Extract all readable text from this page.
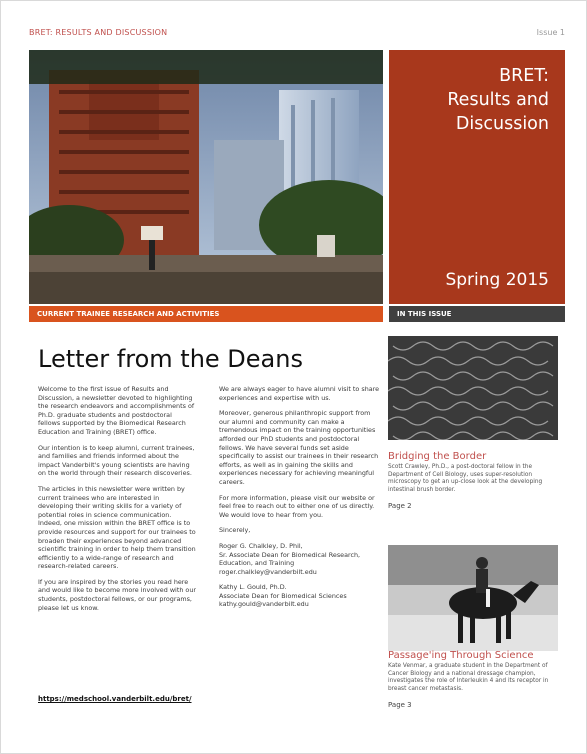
BRET: RESULTS AND DISCUSSION	Issue 1
BRET:
Results and
Discussion
Spring 2015
CURRENT TRAINEE RESEARCH AND ACTIVITIES	IN THIS ISSUE
Letter from the Deans

Welcome to the first issue of Results and Discussion, a newsletter devoted to highlighting the research endeavors and accomplishments of Ph.D. graduate students and postdoctoral fellows supported by the Biomedical Research Education and Training (BRET) office.

Our intention is to keep alumni, current trainees, and families and friends informed about the impact Vanderbilt's young scientists are having on the world through their research discoveries.

The articles in this newsletter were written by current trainees who are interested in developing their writing skills for a variety of potential roles in science communication. Indeed, one mission within the BRET office is to provide resources and support for our trainees to broaden their experiences beyond advanced scientific training in order to help them transition efficiently to a wide-range of research and research-related careers.

If you are inspired by the stories you read here and would like to become more involved with our students, postdoctoral fellows, or our programs, please let us know.

We are always eager to have alumni visit to share experiences and expertise with us.

Moreover, generous philanthropic support from our alumni and community can make a tremendous impact on the training opportunities afforded our PhD students and postdoctoral fellows. We have several funds set aside specifically to assist our trainees in their research efforts, as well as in gaining the skills and experiences necessary for achieving meaningful careers.

For more information, please visit our website or feel free to reach out to either one of us directly. We would love to hear from you.

Sincerely,

Roger G. Chalkley, D. Phil,
Sr. Associate Dean for Biomedical Research, Education, and Training
roger.chalkley@vanderbilt.edu

Kathy L. Gould, Ph.D.
Associate Dean for Biomedical Sciences
kathy.gould@vanderbilt.edu

https://medschool.vanderbilt.edu/bret/
Bridging the Border
Scott Crawley, Ph.D., a post-doctoral fellow in the Department of Cell Biology, uses super-resolution microscopy to get an up-close look at the developing intestinal brush border.
Page 2
Passage'ing Through Science
Kate Venmar, a graduate student in the Department of Cancer Biology and a national dressage champion, investigates the role of Interleukin 4 and its receptor in breast cancer metastasis.
Page 3
